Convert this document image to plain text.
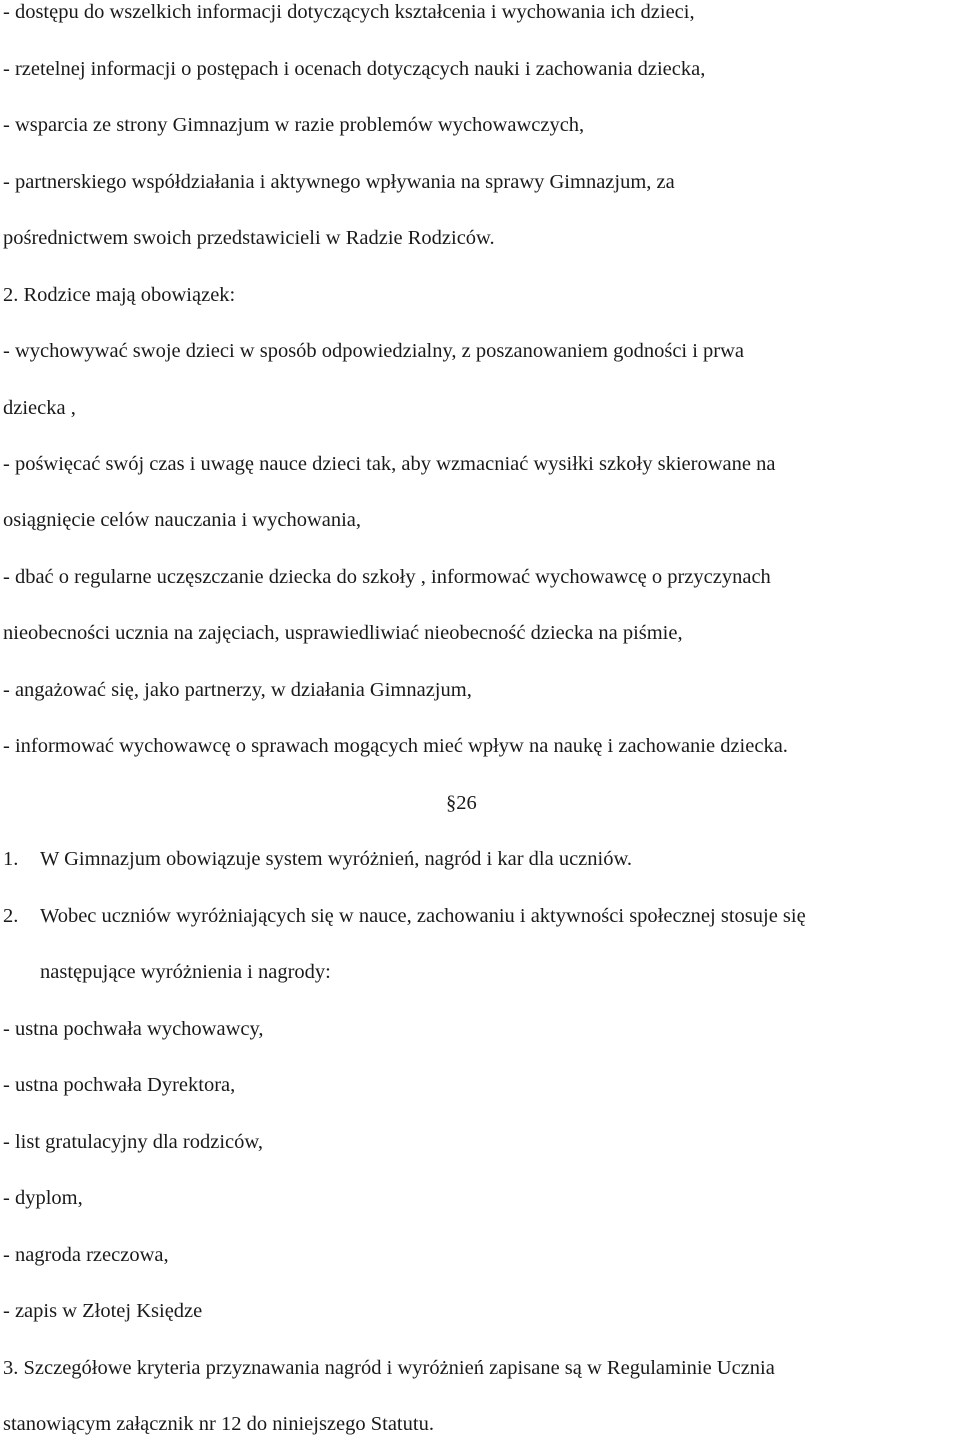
- dostępu do wszelkich informacji dotyczących kształcenia i wychowania ich dzieci,
- rzetelnej informacji o postępach i ocenach dotyczących nauki i zachowania dziecka,
- wsparcia ze strony Gimnazjum w razie problemów wychowawczych,
- partnerskiego współdziałania i aktywnego wpływania na sprawy Gimnazjum, za
pośrednictwem swoich przedstawicieli w Radzie Rodziców.
2. Rodzice mają obowiązek:
- wychowywać swoje dzieci w sposób odpowiedzialny, z poszanowaniem godności i prwa
dziecka ,
- poświęcać swój czas i uwagę nauce dzieci tak, aby wzmacniać wysiłki szkoły skierowane na
osiągnięcie celów nauczania i wychowania,
- dbać o regularne uczęszczanie dziecka do szkoły , informować wychowawcę o przyczynach
nieobecności ucznia na zajęciach, usprawiedliwiać nieobecność dziecka na piśmie,
- angażować się, jako partnerzy, w działania Gimnazjum,
- informować wychowawcę o sprawach mogących mieć wpływ na naukę i zachowanie dziecka.
§26
1. W Gimnazjum obowiązuje system wyróżnień, nagród i kar dla uczniów.
2. Wobec uczniów wyróżniających się w nauce, zachowaniu i aktywności społecznej stosuje się
następujące wyróżnienia i nagrody:
- ustna pochwała wychowawcy,
- ustna pochwała Dyrektora,
- list gratulacyjny dla rodziców,
- dyplom,
- nagroda rzeczowa,
- zapis w Złotej Księdze
3. Szczegółowe kryteria przyznawania nagród i wyróżnień zapisane są w Regulaminie Ucznia
stanowiącym załącznik nr 12 do niniejszego Statutu.
